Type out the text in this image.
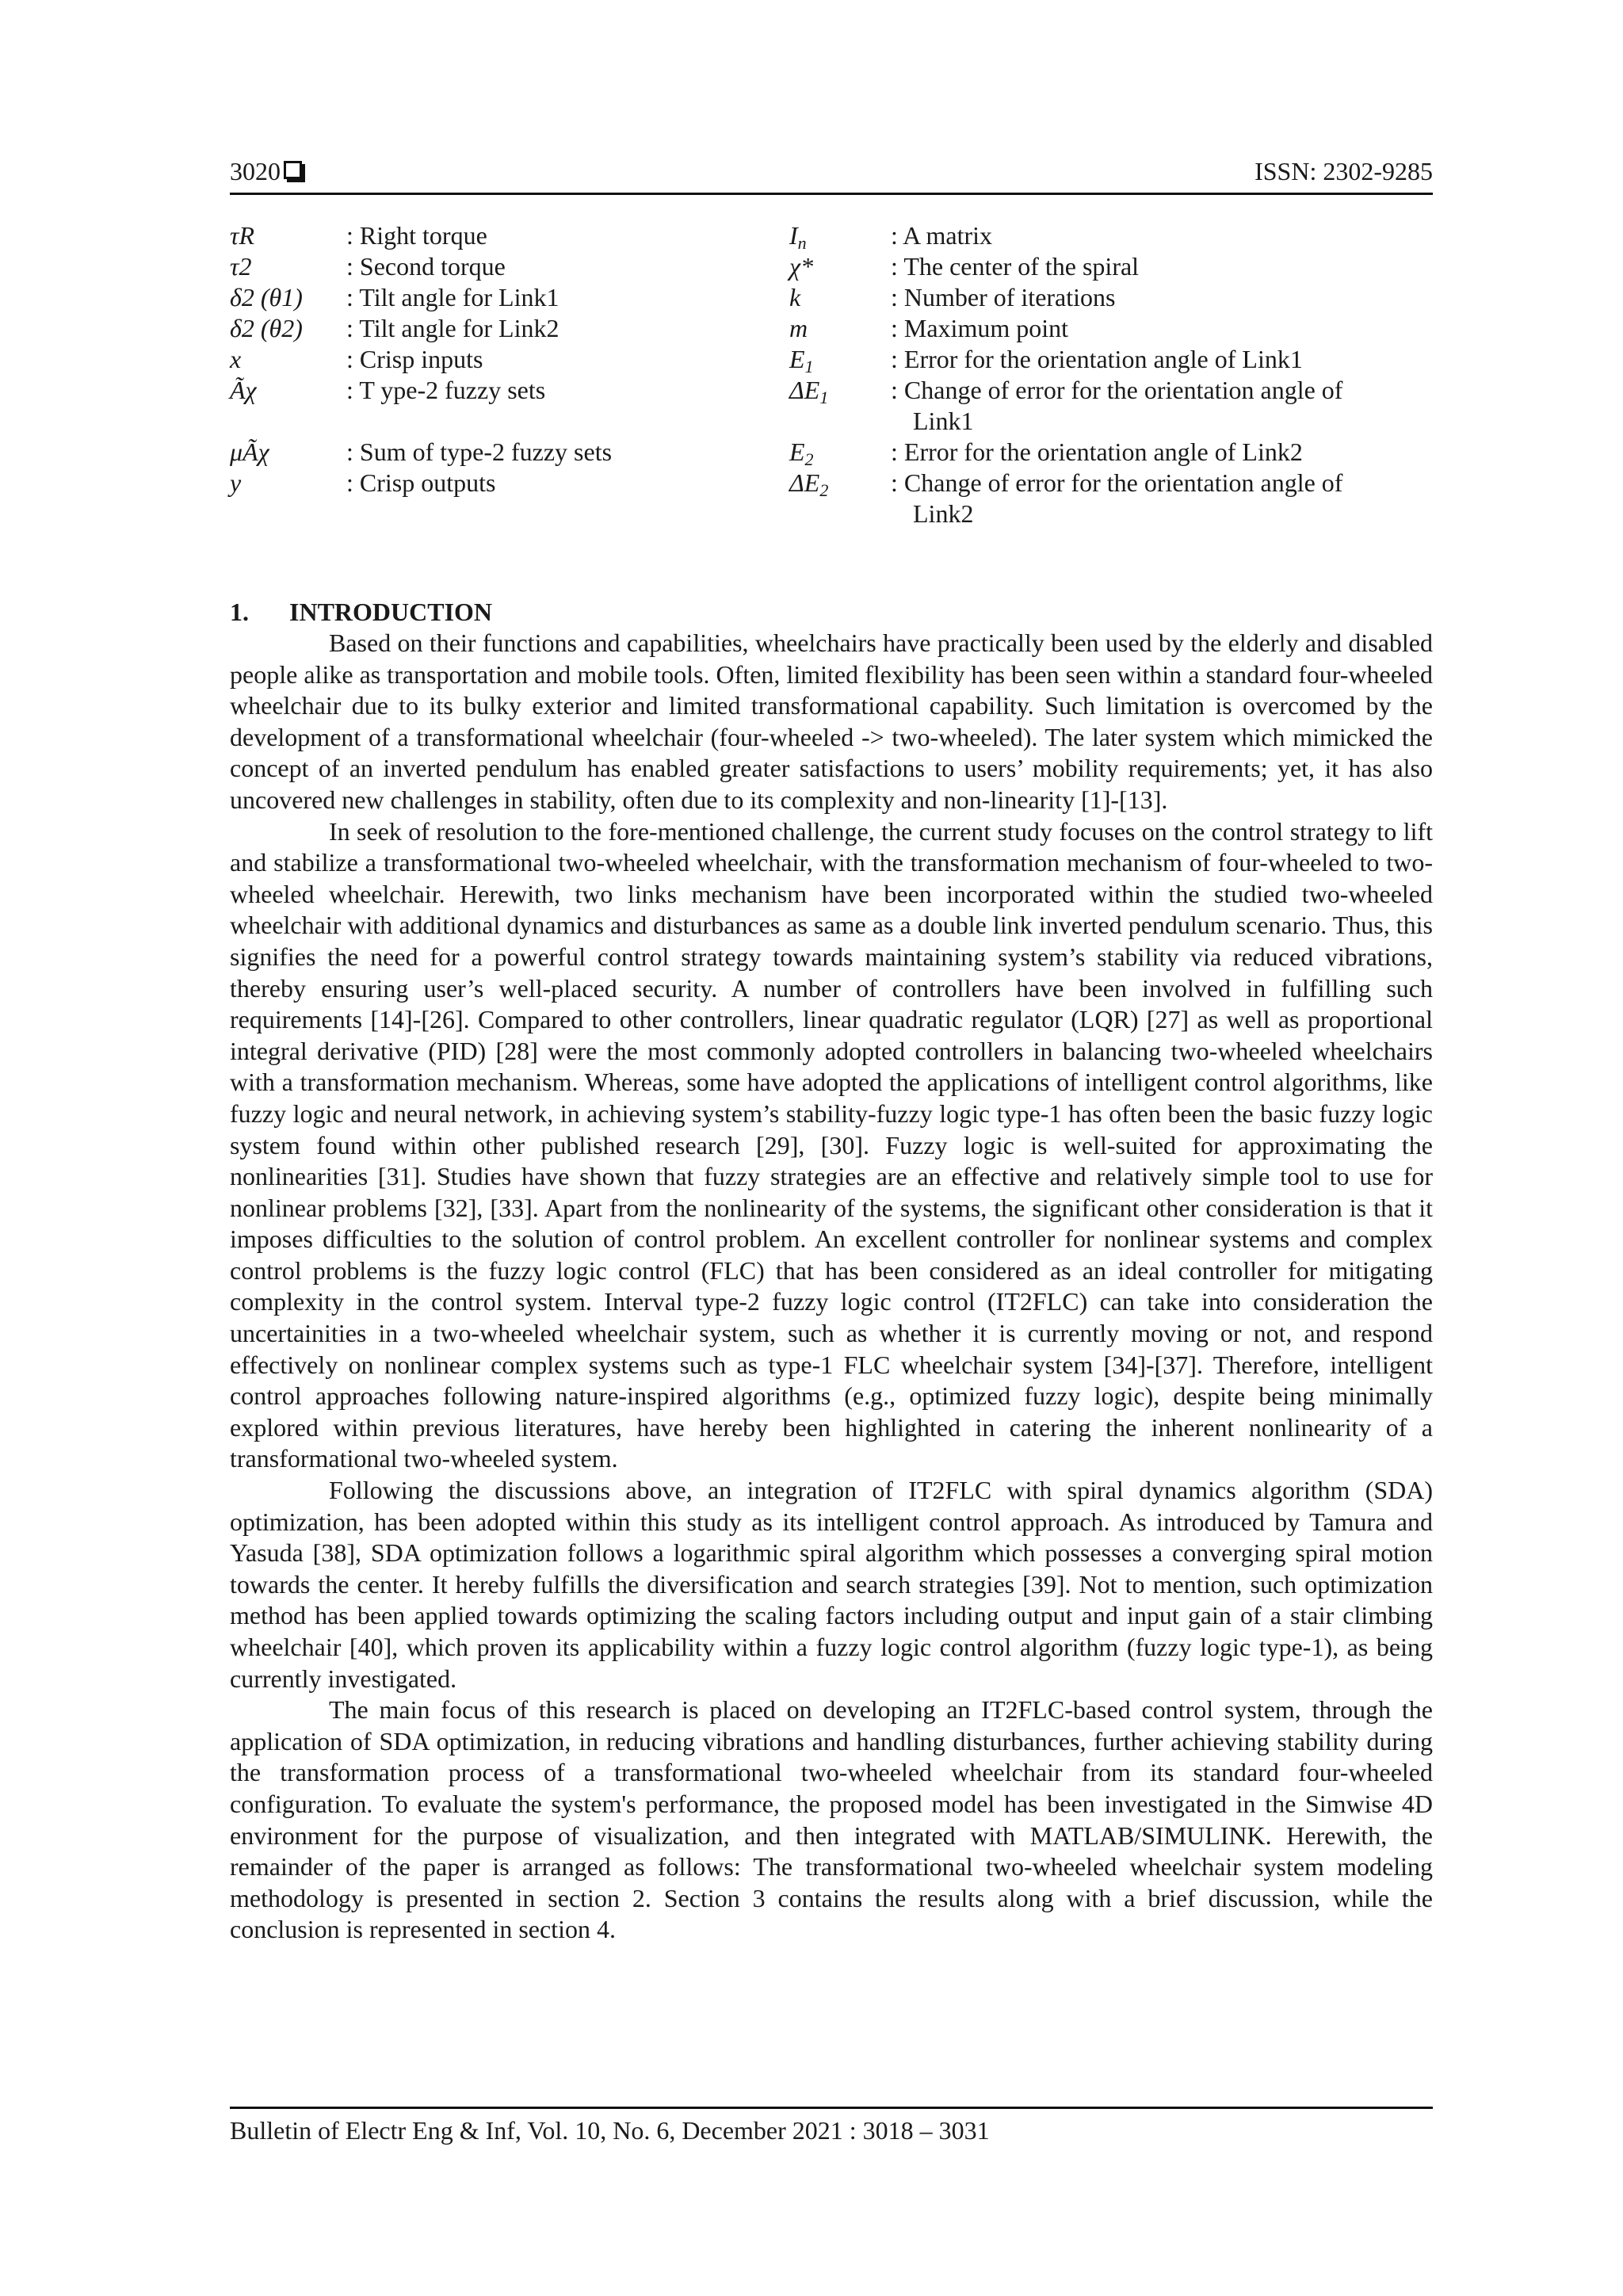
3020	ISSN: 2302-9285
τR	: Right torque
τ2	: Second torque
δ2 (θ1)	: Tilt angle for Link1
δ2 (θ2)	: Tilt angle for Link2
x	: Crisp inputs
Ãχ	: T ype-2 fuzzy sets
μÃχ	: Sum of type-2 fuzzy sets
y	: Crisp outputs
$I_n$	: A matrix
χ*	: The center of the spiral
k	: Number of iterations
m	: Maximum point
$E_1$	: Error for the orientation angle of Link1
$\Delta E_1$	: Change of error for the orientation angle of
Link1
$E_2$	: Error for the orientation angle of Link2
$\Delta E_2$	: Change of error for the orientation angle of
Link2
1. INTRODUCTION

Based on their functions and capabilities, wheelchairs have practically been used by the elderly and disabled people alike as transportation and mobile tools. Often, limited flexibility has been seen within a standard four-wheeled wheelchair due to its bulky exterior and limited transformational capability. Such limitation is overcomed by the development of a transformational wheelchair (four-wheeled -> two-wheeled). The later system which mimicked the concept of an inverted pendulum has enabled greater satisfactions to users’ mobility requirements; yet, it has also uncovered new challenges in stability, often due to its complexity and non-linearity [1]-[13].

In seek of resolution to the fore-mentioned challenge, the current study focuses on the control strategy to lift and stabilize a transformational two-wheeled wheelchair, with the transformation mechanism of four-wheeled to two-wheeled wheelchair. Herewith, two links mechanism have been incorporated within the studied two-wheeled wheelchair with additional dynamics and disturbances as same as a double link inverted pendulum scenario. Thus, this signifies the need for a powerful control strategy towards maintaining system’s stability via reduced vibrations, thereby ensuring user’s well-placed security. A number of controllers have been involved in fulfilling such requirements [14]-[26]. Compared to other controllers, linear quadratic regulator (LQR) [27] as well as proportional integral derivative (PID) [28] were the most commonly adopted controllers in balancing two-wheeled wheelchairs with a transformation mechanism. Whereas, some have adopted the applications of intelligent control algorithms, like fuzzy logic and neural network, in achieving system’s stability-fuzzy logic type-1 has often been the basic fuzzy logic system found within other published research [29], [30]. Fuzzy logic is well-suited for approximating the nonlinearities [31]. Studies have shown that fuzzy strategies are an effective and relatively simple tool to use for nonlinear problems [32], [33]. Apart from the nonlinearity of the systems, the significant other consideration is that it imposes difficulties to the solution of control problem. An excellent controller for nonlinear systems and complex control problems is the fuzzy logic control (FLC) that has been considered as an ideal controller for mitigating complexity in the control system. Interval type-2 fuzzy logic control (IT2FLC) can take into consideration the uncertainities in a two-wheeled wheelchair system, such as whether it is currently moving or not, and respond effectively on nonlinear complex systems such as type-1 FLC wheelchair system [34]-[37]. Therefore, intelligent control approaches following nature-inspired algorithms (e.g., optimized fuzzy logic), despite being minimally explored within previous literatures, have hereby been highlighted in catering the inherent nonlinearity of a transformational two-wheeled system.

Following the discussions above, an integration of IT2FLC with spiral dynamics algorithm (SDA) optimization, has been adopted within this study as its intelligent control approach. As introduced by Tamura and Yasuda [38], SDA optimization follows a logarithmic spiral algorithm which possesses a converging spiral motion towards the center. It hereby fulfills the diversification and search strategies [39]. Not to mention, such optimization method has been applied towards optimizing the scaling factors including output and input gain of a stair climbing wheelchair [40], which proven its applicability within a fuzzy logic control algorithm (fuzzy logic type-1), as being currently investigated.

The main focus of this research is placed on developing an IT2FLC-based control system, through the application of SDA optimization, in reducing vibrations and handling disturbances, further achieving stability during the transformation process of a transformational two-wheeled wheelchair from its standard four-wheeled configuration. To evaluate the system's performance, the proposed model has been investigated in the Simwise 4D environment for the purpose of visualization, and then integrated with MATLAB/SIMULINK. Herewith, the remainder of the paper is arranged as follows: The transformational two-wheeled wheelchair system modeling methodology is presented in section 2. Section 3 contains the results along with a brief discussion, while the conclusion is represented in section 4.

Bulletin of Electr Eng & Inf, Vol. 10, No. 6, December 2021 : 3018 – 3031
